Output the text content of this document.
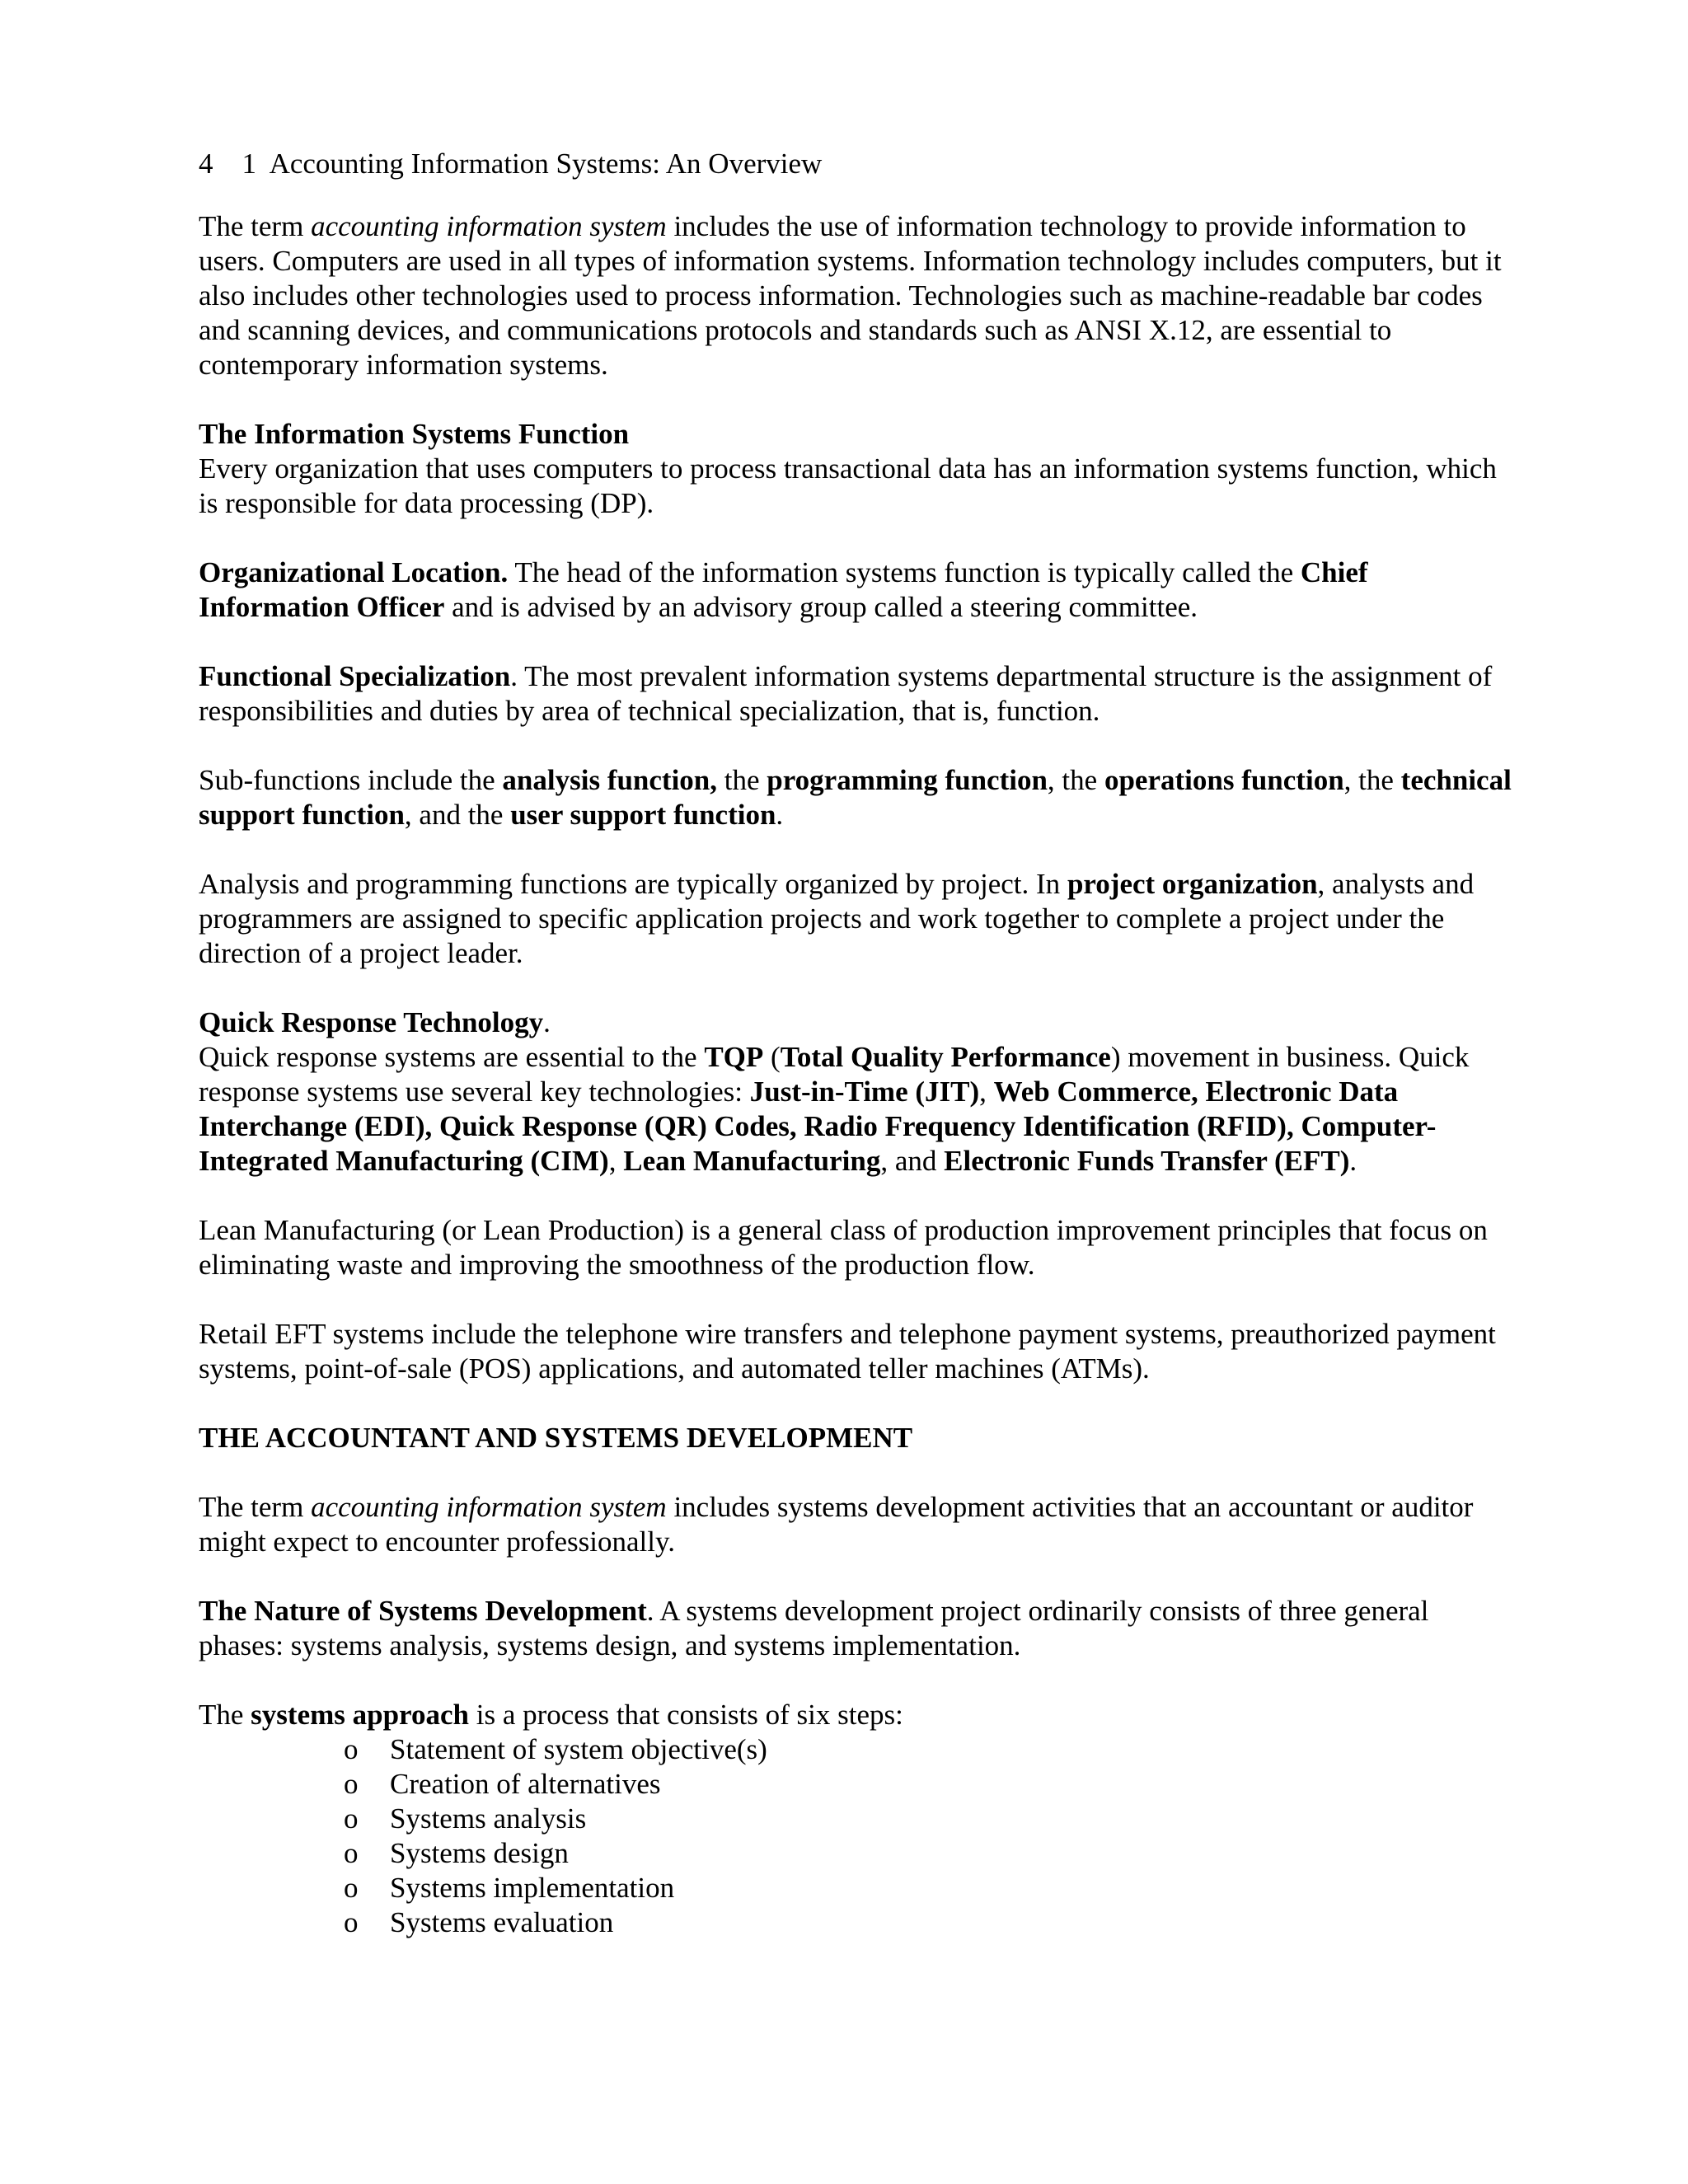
4 1 Accounting Information Systems: An Overview

The term accounting information system includes the use of information technology to provide information to users. Computers are used in all types of information systems. Information technology includes computers, but it also includes other technologies used to process information. Technologies such as machine-readable bar codes and scanning devices, and communications protocols and standards such as ANSI X.12, are essential to contemporary information systems.

The Information Systems Function

Every organization that uses computers to process transactional data has an information systems function, which is responsible for data processing (DP).

Organizational Location. The head of the information systems function is typically called the Chief Information Officer and is advised by an advisory group called a steering committee.

Functional Specialization. The most prevalent information systems departmental structure is the assignment of responsibilities and duties by area of technical specialization, that is, function.

Sub-functions include the analysis function, the programming function, the operations function, the technical support function, and the user support function.

Analysis and programming functions are typically organized by project. In project organization, analysts and programmers are assigned to specific application projects and work together to complete a project under the direction of a project leader.

Quick Response Technology.

Quick response systems are essential to the TQP (Total Quality Performance) movement in business. Quick response systems use several key technologies: Just-in-Time (JIT), Web Commerce, Electronic Data Interchange (EDI), Quick Response (QR) Codes, Radio Frequency Identification (RFID), Computer-Integrated Manufacturing (CIM), Lean Manufacturing, and Electronic Funds Transfer (EFT).

Lean Manufacturing (or Lean Production) is a general class of production improvement principles that focus on eliminating waste and improving the smoothness of the production flow.

Retail EFT systems include the telephone wire transfers and telephone payment systems, preauthorized payment systems, point-of-sale (POS) applications, and automated teller machines (ATMs).

THE ACCOUNTANT AND SYSTEMS DEVELOPMENT

The term accounting information system includes systems development activities that an accountant or auditor might expect to encounter professionally.

The Nature of Systems Development. A systems development project ordinarily consists of three general phases: systems analysis, systems design, and systems implementation.

The systems approach is a process that consists of six steps:

o Statement of system objective(s)
o Creation of alternatives
o Systems analysis
o Systems design
o Systems implementation
o Systems evaluation
